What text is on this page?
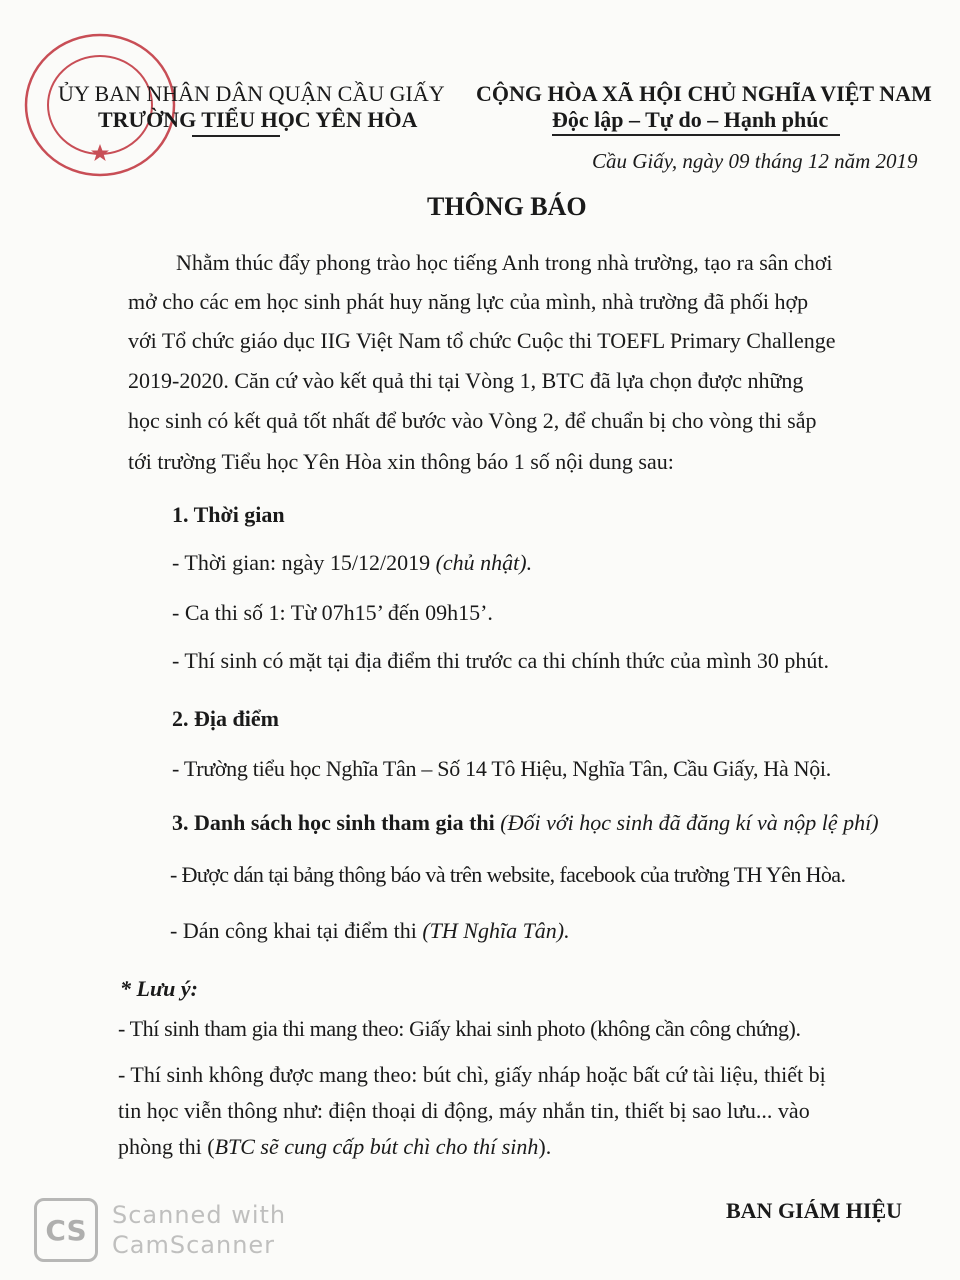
ỦY BAN NHÂN DÂN QUẬN CẦU GIẤY
TRƯỜNG TIỂU HỌC YÊN HÒA
CỘNG HÒA XÃ HỘI CHỦ NGHĨA VIỆT NAM
Độc lập – Tự do – Hạnh phúc
Cầu Giấy, ngày 09 tháng 12 năm 2019
THÔNG BÁO
Nhằm thúc đẩy phong trào học tiếng Anh trong nhà trường, tạo ra sân chơi
mở cho các em học sinh phát huy năng lực của mình, nhà trường đã phối hợp
với Tổ chức giáo dục IIG Việt Nam tổ chức Cuộc thi TOEFL Primary Challenge
2019-2020. Căn cứ vào kết quả thi tại Vòng 1, BTC đã lựa chọn được những
học sinh có kết quả tốt nhất để bước vào Vòng 2, để chuẩn bị cho vòng thi sắp
tới trường Tiểu học Yên Hòa xin thông báo 1 số nội dung sau:
1. Thời gian
- Thời gian: ngày 15/12/2019 (chủ nhật).
- Ca thi số 1: Từ 07h15’ đến 09h15’.
- Thí sinh có mặt tại địa điểm thi trước ca thi chính thức của mình 30 phút.
2. Địa điểm
- Trường tiểu học Nghĩa Tân – Số 14 Tô Hiệu, Nghĩa Tân, Cầu Giấy, Hà Nội.
3. Danh sách học sinh tham gia thi (Đối với học sinh đã đăng kí và nộp lệ phí)
- Được dán tại bảng thông báo và trên website, facebook của trường TH Yên Hòa.
- Dán công khai tại điểm thi (TH Nghĩa Tân).
* Lưu ý:
- Thí sinh tham gia thi mang theo: Giấy khai sinh photo (không cần công chứng).
- Thí sinh không được mang theo: bút chì, giấy nháp hoặc bất cứ tài liệu, thiết bị
tin học viễn thông như: điện thoại di động, máy nhắn tin, thiết bị sao lưu... vào
phòng thi (BTC sẽ cung cấp bút chì cho thí sinh).
BAN GIÁM HIỆU
CS	Scanned with
CamScanner
